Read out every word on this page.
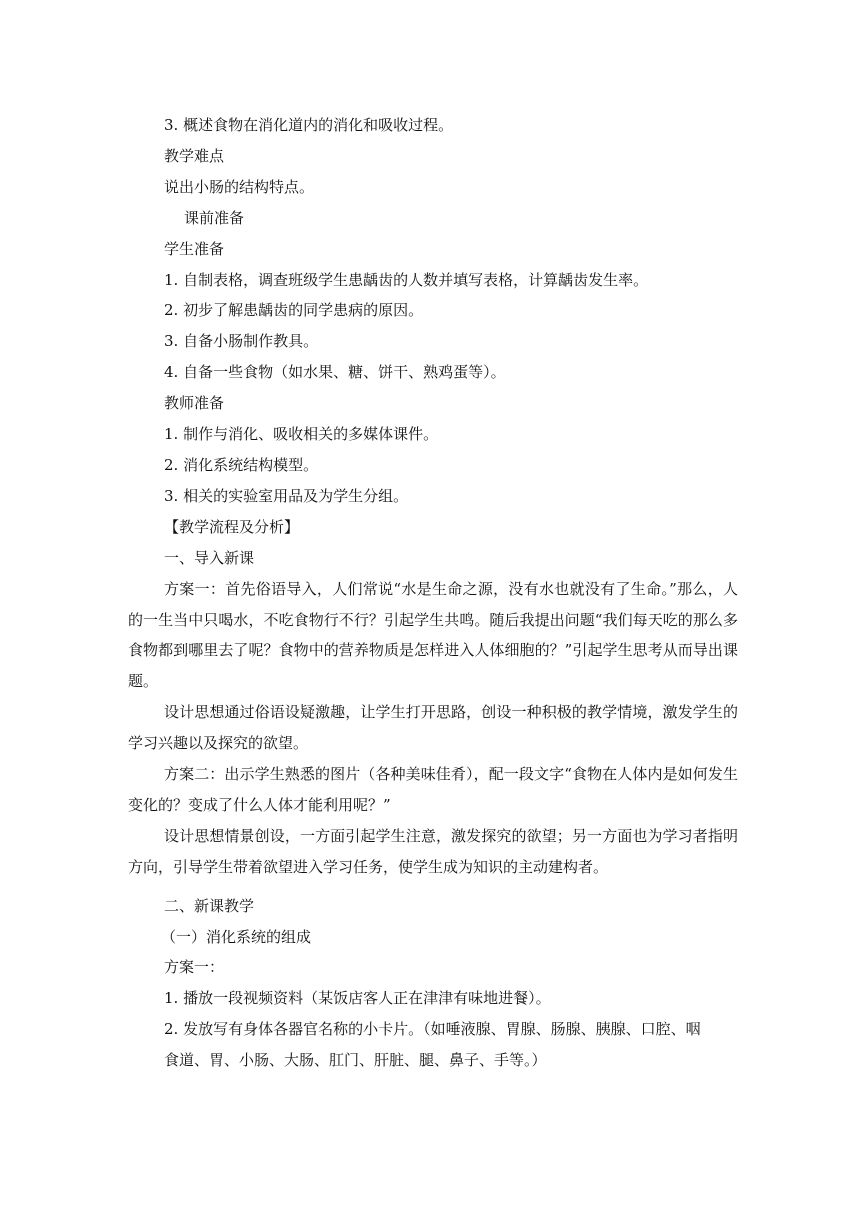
3. 概述食物在消化道内的消化和吸收过程。

教学难点

说出小肠的结构特点。

课前准备

学生准备

1. 自制表格，调查班级学生患龋齿的人数并填写表格，计算龋齿发生率。

2. 初步了解患龋齿的同学患病的原因。

3. 自备小肠制作教具。

4. 自备一些食物（如水果、糖、饼干、熟鸡蛋等）。

教师准备

1. 制作与消化、吸收相关的多媒体课件。

2. 消化系统结构模型。

3. 相关的实验室用品及为学生分组。

【教学流程及分析】

一、导入新课

方案一：首先俗语导入，人们常说“水是生命之源，没有水也就没有了生命。”那么，人的一生当中只喝水，不吃食物行不行？引起学生共鸣。随后我提出问题“我们每天吃的那么多食物都到哪里去了呢？食物中的营养物质是怎样进入人体细胞的？”引起学生思考从而导出课题。

设计思想通过俗语设疑激趣，让学生打开思路，创设一种积极的教学情境，激发学生的学习兴趣以及探究的欲望。

方案二：出示学生熟悉的图片（各种美味佳肴），配一段文字“食物在人体内是如何发生变化的？变成了什么人体才能利用呢？”

设计思想情景创设，一方面引起学生注意，激发探究的欲望；另一方面也为学习者指明方向，引导学生带着欲望进入学习任务，使学生成为知识的主动建构者。

二、新课教学

（一）消化系统的组成

方案一：

1. 播放一段视频资料（某饭店客人正在津津有味地进餐）。

2. 发放写有身体各器官名称的小卡片。（如唾液腺、胃腺、肠腺、胰腺、口腔、咽

食道、胃、小肠、大肠、肛门、肝脏、腿、鼻子、手等。）
